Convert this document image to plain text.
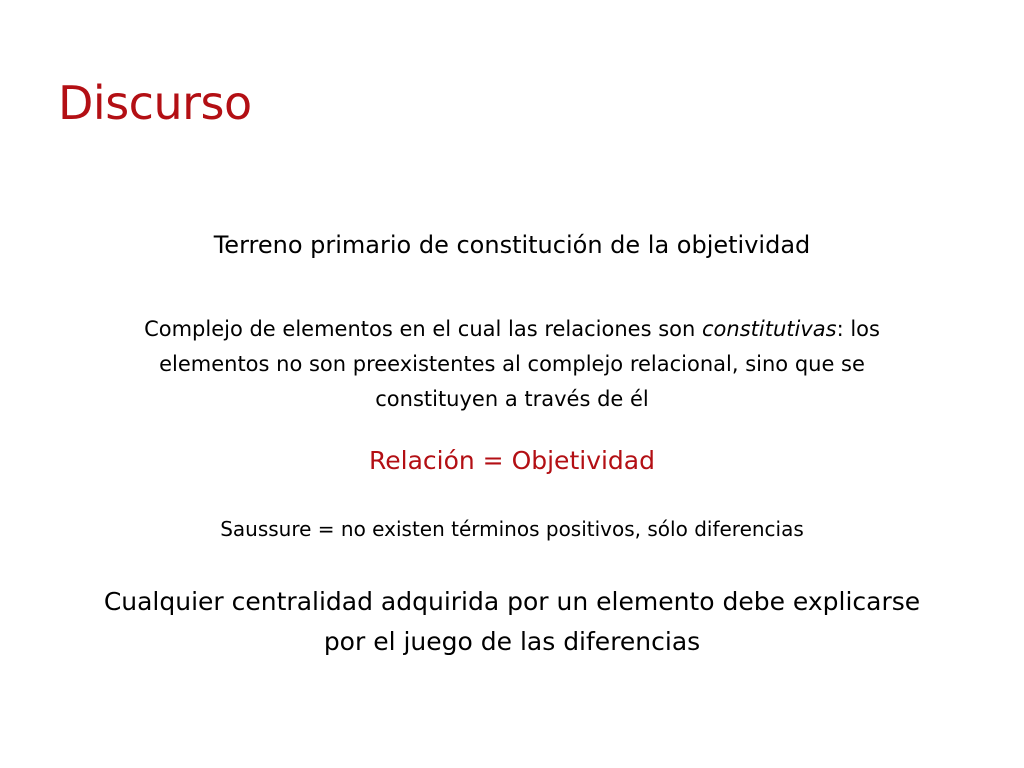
Discurso

Terreno primario de constitución de la objetividad

Complejo de elementos en el cual las relaciones son constitutivas: los elementos no son preexistentes al complejo relacional, sino que se constituyen a través de él

Relación = Objetividad

Saussure = no existen términos positivos, sólo diferencias

Cualquier centralidad adquirida por un elemento debe explicarse por el juego de las diferencias
